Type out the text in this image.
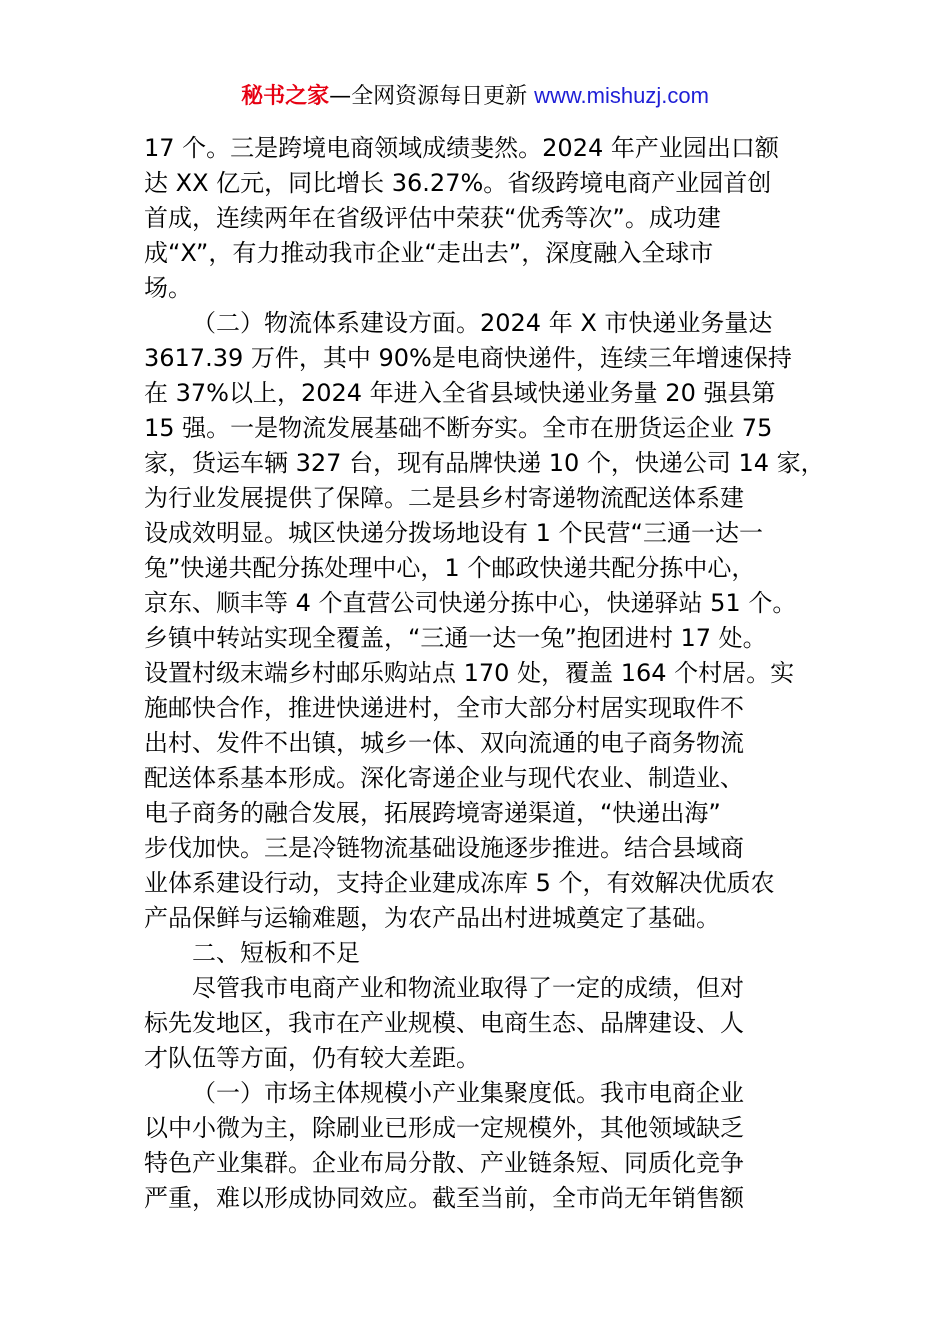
秘书之家—全网资源每日更新 www.mishuzj.com
17 个。三是跨境电商领域成绩斐然。2024 年产业园出口额
达 XX 亿元，同比增长 36.27%。省级跨境电商产业园首创
首成，连续两年在省级评估中荣获“优秀等次”。成功建
成“X”，有力推动我市企业“走出去”，深度融入全球市
场。
（二）物流体系建设方面。2024 年 X 市快递业务量达
3617.39 万件，其中 90%是电商快递件，连续三年增速保持
在 37%以上，2024 年进入全省县域快递业务量 20 强县第
15 强。一是物流发展基础不断夯实。全市在册货运企业 75
家，货运车辆 327 台，现有品牌快递 10 个，快递公司 14 家，
为行业发展提供了保障。二是县乡村寄递物流配送体系建
设成效明显。城区快递分拨场地设有 1 个民营“三通一达一
兔”快递共配分拣处理中心，1 个邮政快递共配分拣中心，
京东、顺丰等 4 个直营公司快递分拣中心，快递驿站 51 个。
乡镇中转站实现全覆盖，“三通一达一兔”抱团进村 17 处。
设置村级末端乡村邮乐购站点 170 处，覆盖 164 个村居。实
施邮快合作，推进快递进村，全市大部分村居实现取件不
出村、发件不出镇，城乡一体、双向流通的电子商务物流
配送体系基本形成。深化寄递企业与现代农业、制造业、
电子商务的融合发展，拓展跨境寄递渠道，“快递出海”
步伐加快。三是冷链物流基础设施逐步推进。结合县域商
业体系建设行动，支持企业建成冻库 5 个，有效解决优质农
产品保鲜与运输难题，为农产品出村进城奠定了基础。
二、短板和不足
尽管我市电商产业和物流业取得了一定的成绩，但对
标先发地区，我市在产业规模、电商生态、品牌建设、人
才队伍等方面，仍有较大差距。
（一）市场主体规模小产业集聚度低。我市电商企业
以中小微为主，除刷业已形成一定规模外，其他领域缺乏
特色产业集群。企业布局分散、产业链条短、同质化竞争
严重，难以形成协同效应。截至当前，全市尚无年销售额
